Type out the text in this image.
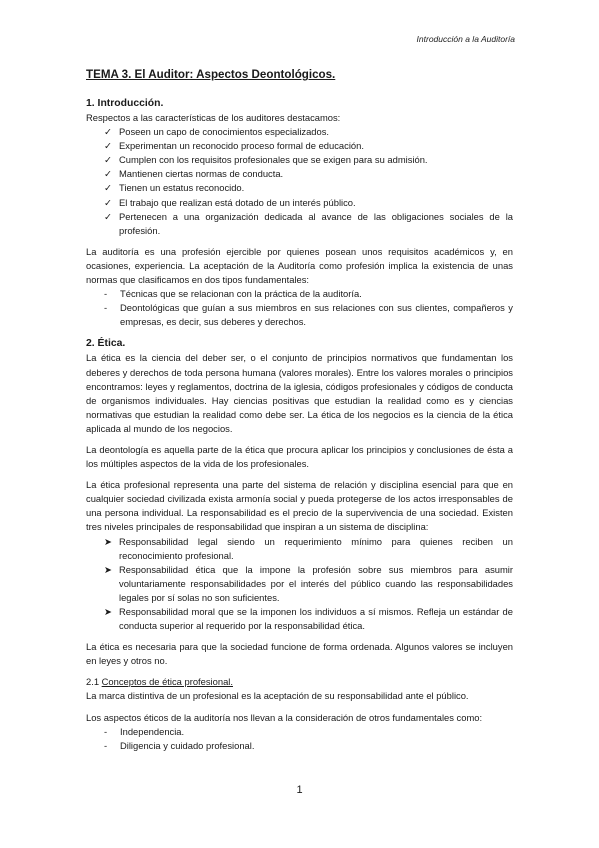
Introducción a la Auditoría

TEMA 3. El Auditor: Aspectos Deontológicos.

1. Introducción.

Respectos a las características de los auditores destacamos:

✓ Poseen un capo de conocimientos especializados.
✓ Experimentan un reconocido proceso formal de educación.
✓ Cumplen con los requisitos profesionales que se exigen para su admisión.
✓ Mantienen ciertas normas de conducta.
✓ Tienen un estatus reconocido.
✓ El trabajo que realizan está dotado de un interés público.
✓ Pertenecen a una organización dedicada al avance de las obligaciones sociales de la profesión.

La auditoría es una profesión ejercible por quienes posean unos requisitos académicos y, en ocasiones, experiencia. La aceptación de la Auditoría como profesión implica la existencia de unas normas que clasificamos en dos tipos fundamentales:

-	Técnicas que se relacionan con la práctica de la auditoría.
-	Deontológicas que guían a sus miembros en sus relaciones con sus clientes, compañeros y empresas, es decir, sus deberes y derechos.

2. Ética.

La ética es la ciencia del deber ser, o el conjunto de principios normativos que fundamentan los deberes y derechos de toda persona humana (valores morales). Entre los valores morales o principios encontramos: leyes y reglamentos, doctrina de la iglesia, códigos profesionales y códigos de conducta de organismos individuales. Hay ciencias positivas que estudian la realidad como es y ciencias normativas que estudian la realidad como debe ser. La ética de los negocios es la ciencia de la ética aplicada al mundo de los negocios.

La deontología es aquella parte de la ética que procura aplicar los principios y conclusiones de ésta a los múltiples aspectos de la vida de los profesionales.

La ética profesional representa una parte del sistema de relación y disciplina esencial para que en cualquier sociedad civilizada exista armonía social y pueda protegerse de los actos irresponsables de una persona individual. La responsabilidad es el precio de la supervivencia de una sociedad. Existen tres niveles principales de responsabilidad que inspiran a un sistema de disciplina:

➤ Responsabilidad legal siendo un requerimiento mínimo para quienes reciben un reconocimiento profesional.
➤ Responsabilidad ética que la impone la profesión sobre sus miembros para asumir voluntariamente responsabilidades por el interés del público cuando las responsabilidades legales por sí solas no son suficientes.
➤ Responsabilidad moral que se la imponen los individuos a sí mismos. Refleja un estándar de conducta superior al requerido por la responsabilidad ética.

La ética es necesaria para que la sociedad funcione de forma ordenada. Algunos valores se incluyen en leyes y otros no.

2.1 Conceptos de ética profesional.

La marca distintiva de un profesional es la aceptación de su responsabilidad ante el público.

Los aspectos éticos de la auditoría nos llevan a la consideración de otros fundamentales como:

-	Independencia.
-	Diligencia y cuidado profesional.
1
